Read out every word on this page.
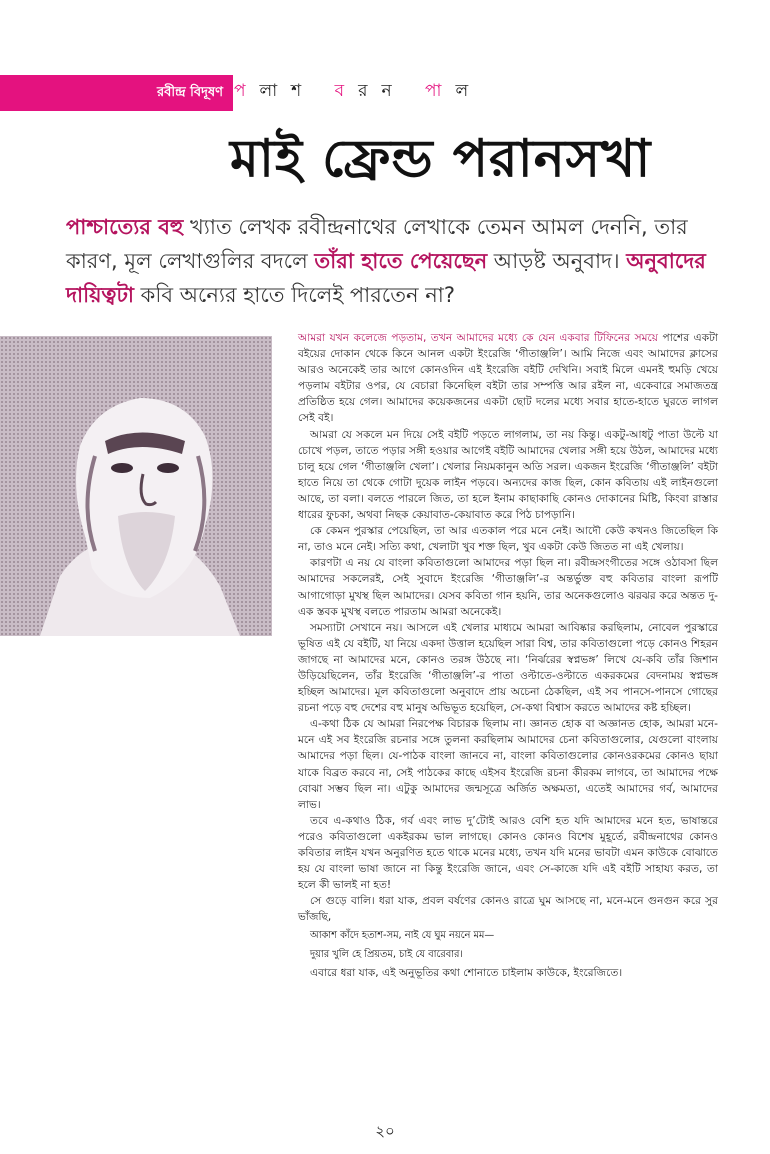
রবীন্দ্র বিদূষণ পলাশ বরন পাল
মাই ফ্রেন্ড পরানসখা
পাশ্চাত্যের বহু খ্যাত লেখক রবীন্দ্রনাথের লেখাকে তেমন আমল দেননি, তার কারণ, মূল লেখাগুলির বদলে তাঁরা হাতে পেয়েছেন আড়ষ্ট অনুবাদ। অনুবাদের দায়িত্বটা কবি অন্যের হাতে দিলেই পারতেন না?

আমরা যখন কলেজে পড়তাম, তখন আমাদের মধ্যে কে যেন একবার টিফিনের সময়ে পাশের একটা বইয়ের দোকান থেকে কিনে আনল একটা ইংরেজি ‘গীতাঞ্জলি’। আমি নিজে এবং আমাদের ক্লাসের আরও অনেকেই তার আগে কোনওদিন এই ইংরেজি বইটি দেখিনি। সবাই মিলে এমনই হুমড়ি খেয়ে পড়লাম বইটার ওপর, যে বেচারা কিনেছিল বইটা তার সম্পত্তি আর রইল না, একেবারে সমাজতন্ত্র প্রতিষ্ঠিত হয়ে গেল। আমাদের কয়েকজনের একটা ছোট দলের মধ্যে সবার হাতে-হাতে ঘুরতে লাগল সেই বই।

আমরা যে সকলে মন দিয়ে সেই বইটি পড়তে লাগলাম, তা নয় কিন্তু। একটু-আধটু পাতা উল্টে যা চোখে পড়ল, তাতে পড়ার সঙ্গী হওয়ার আগেই বইটি আমাদের খেলার সঙ্গী হয়ে উঠল, আমাদের মধ্যে চালু হয়ে গেল ‘গীতাঞ্জলি খেলা’। খেলার নিয়মকানুন অতি সরল। একজন ইংরেজি ‘গীতাঞ্জলি’ বইটা হাতে নিয়ে তা থেকে গোটা দুয়েক লাইন পড়বে। অন্যদের কাজ ছিল, কোন কবিতায় এই লাইনগুলো আছে, তা বলা। বলতে পারলে জিত, তা হলে ইনাম কাছাকাছি কোনও দোকানের মিষ্টি, কিংবা রাস্তার ধারের ফুচকা, অথবা নিছক কেয়াবাত-কেয়াবাত করে পিঠ চাপড়ানি।

কে কেমন পুরস্কার পেয়েছিল, তা আর এতকাল পরে মনে নেই। আদৌ কেউ কখনও জিতেছিল কি না, তাও মনে নেই। সত্যি কথা, খেলাটা খুব শক্ত ছিল, খুব একটা কেউ জিতত না এই খেলায়।

কারণটা এ নয় যে বাংলা কবিতাগুলো আমাদের পড়া ছিল না। রবীন্দ্রসংগীতের সঙ্গে ওঠাবসা ছিল আমাদের সকলেরই, সেই সুবাদে ইংরেজি ‘গীতাঞ্জলি’-র অন্তর্ভুক্ত বহু কবিতার বাংলা রূপটি আগাগোড়া মুখস্থ ছিল আমাদের। যেসব কবিতা গান হয়নি, তার অনেকগুলোও ঝরঝর করে অন্তত দু-এক স্তবক মুখস্থ বলতে পারতাম আমরা অনেকেই।

সমস্যাটা সেখানে নয়। আসলে এই খেলার মাধ্যমে আমরা আবিষ্কার করছিলাম, নোবেল পুরস্কারে ভূষিত এই যে বইটি, যা নিয়ে একদা উত্তাল হয়েছিল সারা বিশ্ব, তার কবিতাগুলো পড়ে কোনও শিহরন জাগছে না আমাদের মনে, কোনও তরঙ্গ উঠছে না। ‘নির্ঝরের স্বপ্নভঙ্গ’ লিখে যে-কবি তাঁর জিশান উড়িয়েছিলেন, তাঁর ইংরেজি ‘গীতাঞ্জলি’-র পাতা ওল্টাতে-ওল্টাতে একরকমের বেদনাময় স্বপ্নভঙ্গ হচ্ছিল আমাদের। মূল কবিতাগুলো অনুবাদে প্রায় অচেনা ঠেকছিল, এই সব পানসে-পানসে গোছের রচনা পড়ে বহু দেশের বহু মানুষ অভিভূত হয়েছিল, সে-কথা বিশ্বাস করতে আমাদের কষ্ট হচ্ছিল।

এ-কথা ঠিক যে আমরা নিরপেক্ষ বিচারক ছিলাম না। জ্ঞানত হোক বা অজ্ঞানত হোক, আমরা মনে-মনে এই সব ইংরেজি রচনার সঙ্গে তুলনা করছিলাম আমাদের চেনা কবিতাগুলোর, যেগুলো বাংলায় আমাদের পড়া ছিল। যে-পাঠক বাংলা জানবে না, বাংলা কবিতাগুলোর কোনওরকমের কোনও ছায়া যাকে বিব্রত করবে না, সেই পাঠকের কাছে এইসব ইংরেজি রচনা কীরকম লাগবে, তা আমাদের পক্ষে বোঝা সম্ভব ছিল না। এটুকু আমাদের জন্মসূত্রে অর্জিত অক্ষমতা, এতেই আমাদের গর্ব, আমাদের লাভ।

তবে এ-কথাও ঠিক, গর্ব এবং লাভ দু’টোই আরও বেশি হত যদি আমাদের মনে হত, ভাষান্তরে পরেও কবিতাগুলো একইরকম ভাল লাগছে। কোনও কোনও বিশেষ মুহূর্তে, রবীন্দ্রনাথের কোনও কবিতার লাইন যখন অনুরণিত হতে থাকে মনের মধ্যে, তখন যদি মনের ভাবটা এমন কাউকে বোঝাতে হয় যে বাংলা ভাষা জানে না কিন্তু ইংরেজি জানে, এবং সে-কাজে যদি এই বইটি সাহায্য করত, তা হলে কী ভালই না হত!

সে গুড়ে বালি। ধরা যাক, প্রবল বর্ষণের কোনও রাত্রে ঘুম আসছে না, মনে-মনে গুনগুন করে সুর ভাঁজছি,

আকাশ কাঁদে হতাশ-সম, নাই যে ঘুম নয়নে মম—

দুয়ার খুলি হে প্রিয়তম, চাই যে বারেবার।

এবারে ধরা যাক, এই অনুভূতির কথা শোনাতে চাইলাম কাউকে, ইংরেজিতে।

২০
